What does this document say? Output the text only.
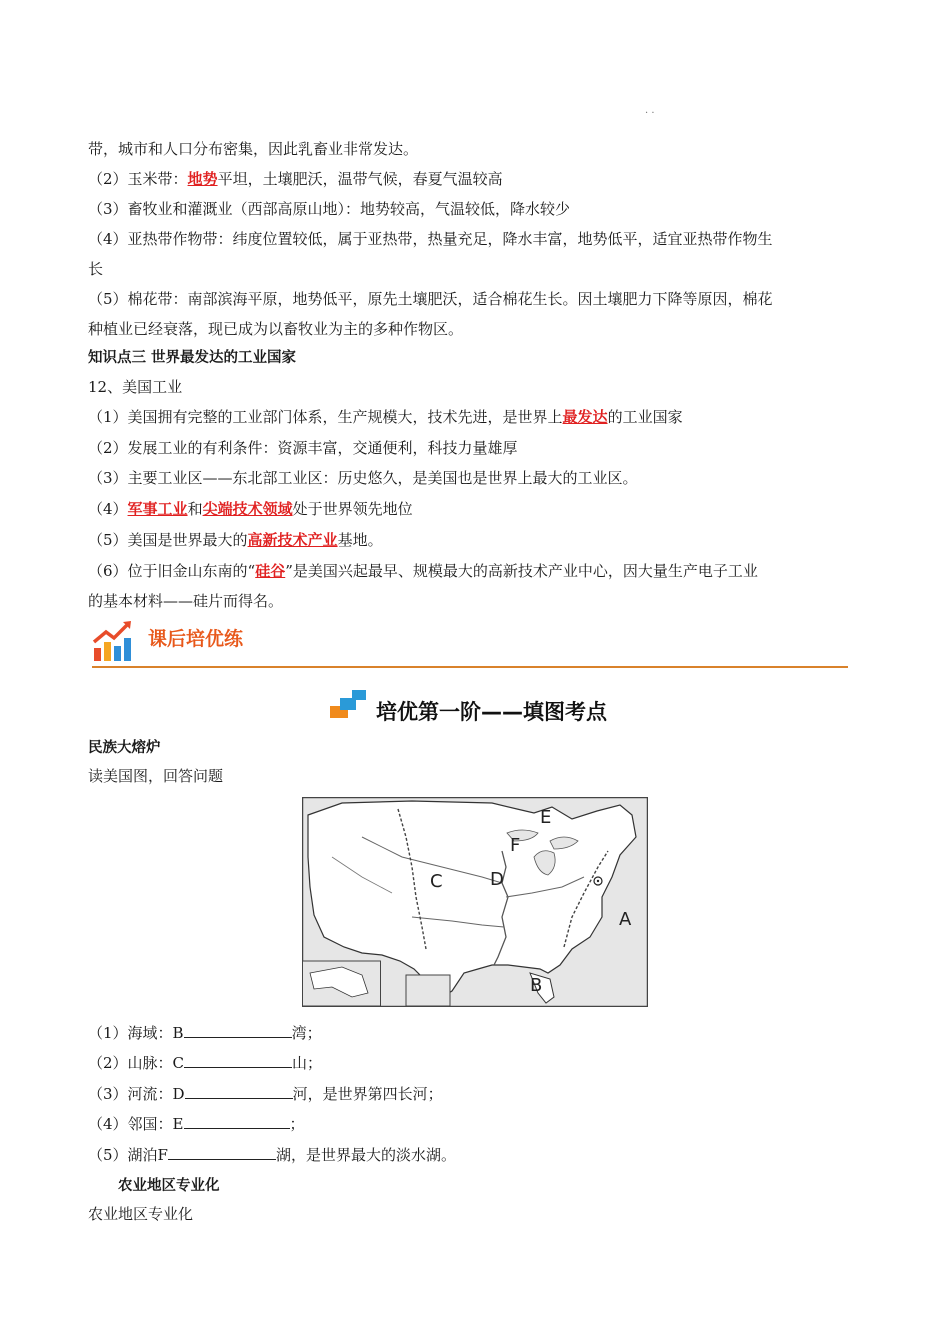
· ·
带，城市和人口分布密集，因此乳畜业非常发达。
（2）玉米带：地势平坦，土壤肥沃，温带气候，春夏气温较高
（3）畜牧业和灌溉业（西部高原山地）：地势较高，气温较低，降水较少
（4）亚热带作物带：纬度位置较低，属于亚热带，热量充足，降水丰富，地势低平，适宜亚热带作物生
长
（5）棉花带：南部滨海平原，地势低平，原先土壤肥沃，适合棉花生长。因土壤肥力下降等原因，棉花
种植业已经衰落，现已成为以畜牧业为主的多种作物区。
知识点三 世界最发达的工业国家
12、美国工业
（1）美国拥有完整的工业部门体系，生产规模大，技术先进，是世界上最发达的工业国家
（2）发展工业的有利条件：资源丰富，交通便利，科技力量雄厚
（3）主要工业区——东北部工业区：历史悠久，是美国也是世界上最大的工业区。
（4）军事工业和尖端技术领域处于世界领先地位
（5）美国是世界最大的高新技术产业基地。
（6）位于旧金山东南的“硅谷”是美国兴起最早、规模最大的高新技术产业中心，因大量生产电子工业
的基本材料——硅片而得名。
课后培优练
培优第一阶——填图考点
民族大熔炉
读美国图，回答问题
A
B
C	D
E
F
（1）海域：B	湾；
（2）山脉：C	山；
（3）河流：D	河，是世界第四长河；
（4）邻国：E	；
（5）湖泊F	湖，是世界最大的淡水湖。
农业地区专业化
农业地区专业化
